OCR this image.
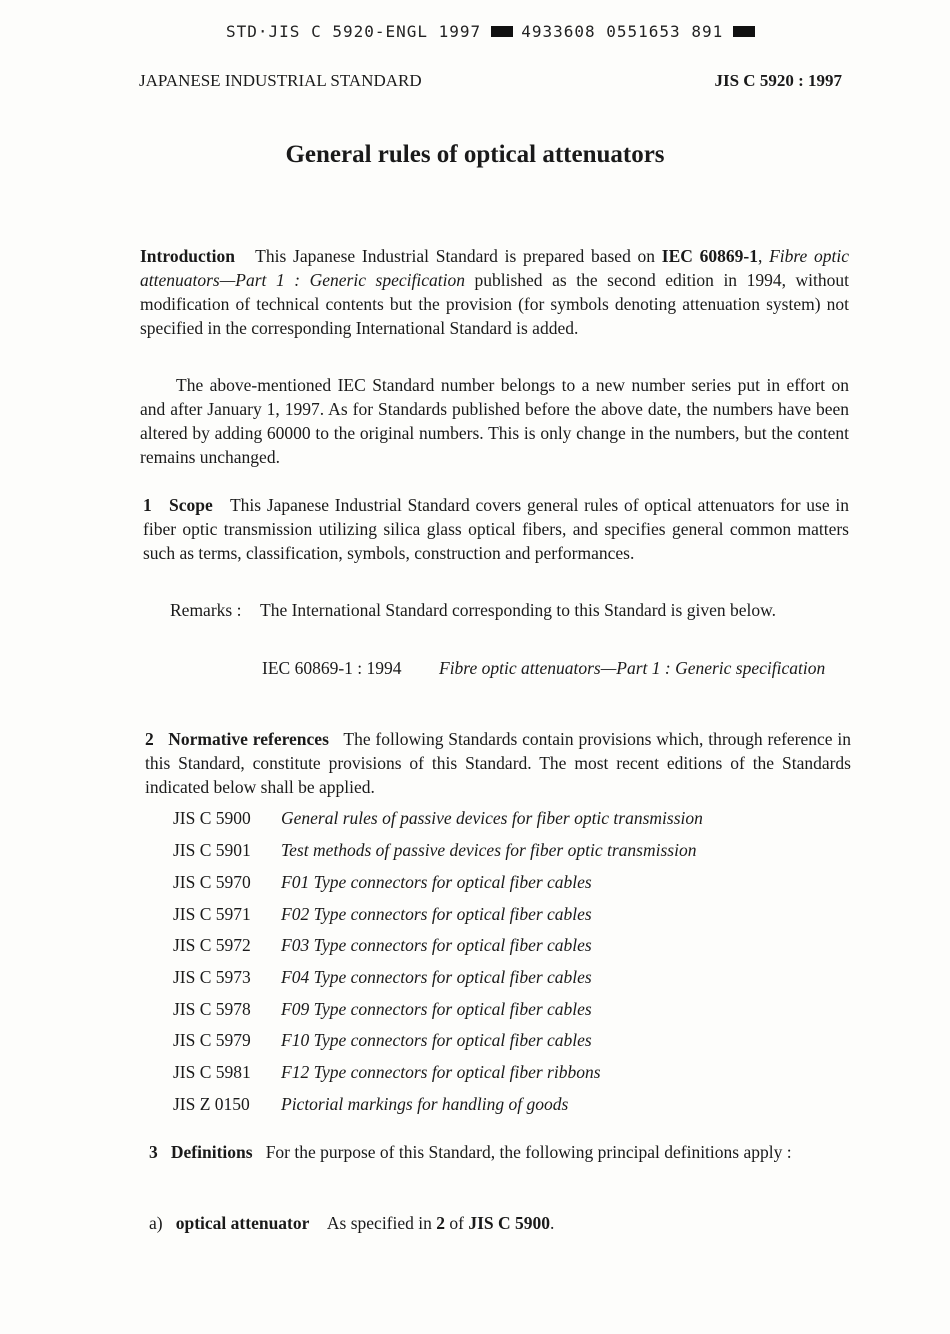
STD·JIS C 5920-ENGL 1997	4933608 0551653 891
JAPANESE INDUSTRIAL STANDARD	JIS C 5920 : 1997
General rules of optical attenuators
Introduction This Japanese Industrial Standard is prepared based on IEC 60869-1, Fibre optic attenuators—Part 1 : Generic specification published as the second edition in 1994, without modification of technical contents but the provision (for symbols denoting attenuation system) not specified in the corresponding International Standard is added.
The above-mentioned IEC Standard number belongs to a new number series put in effort on and after January 1, 1997. As for Standards published before the above date, the numbers have been altered by adding 60000 to the original numbers. This is only change in the numbers, but the content remains unchanged.
1 Scope This Japanese Industrial Standard covers general rules of optical attenuators for use in fiber optic transmission utilizing silica glass optical fibers, and specifies general common matters such as terms, classification, symbols, construction and performances.
Remarks : The International Standard corresponding to this Standard is given below.
IEC 60869-1 : 1994 Fibre optic attenuators—Part 1 : Generic specification
2 Normative references The following Standards contain provisions which, through reference in this Standard, constitute provisions of this Standard. The most recent editions of the Standards indicated below shall be applied.
JIS C 5900 General rules of passive devices for fiber optic transmission
JIS C 5901 Test methods of passive devices for fiber optic transmission
JIS C 5970 F01 Type connectors for optical fiber cables
JIS C 5971 F02 Type connectors for optical fiber cables
JIS C 5972 F03 Type connectors for optical fiber cables
JIS C 5973 F04 Type connectors for optical fiber cables
JIS C 5978 F09 Type connectors for optical fiber cables
JIS C 5979 F10 Type connectors for optical fiber cables
JIS C 5981 F12 Type connectors for optical fiber ribbons
JIS Z 0150 Pictorial markings for handling of goods
3 Definitions For the purpose of this Standard, the following principal definitions apply :
a) optical attenuator As specified in 2 of JIS C 5900.
